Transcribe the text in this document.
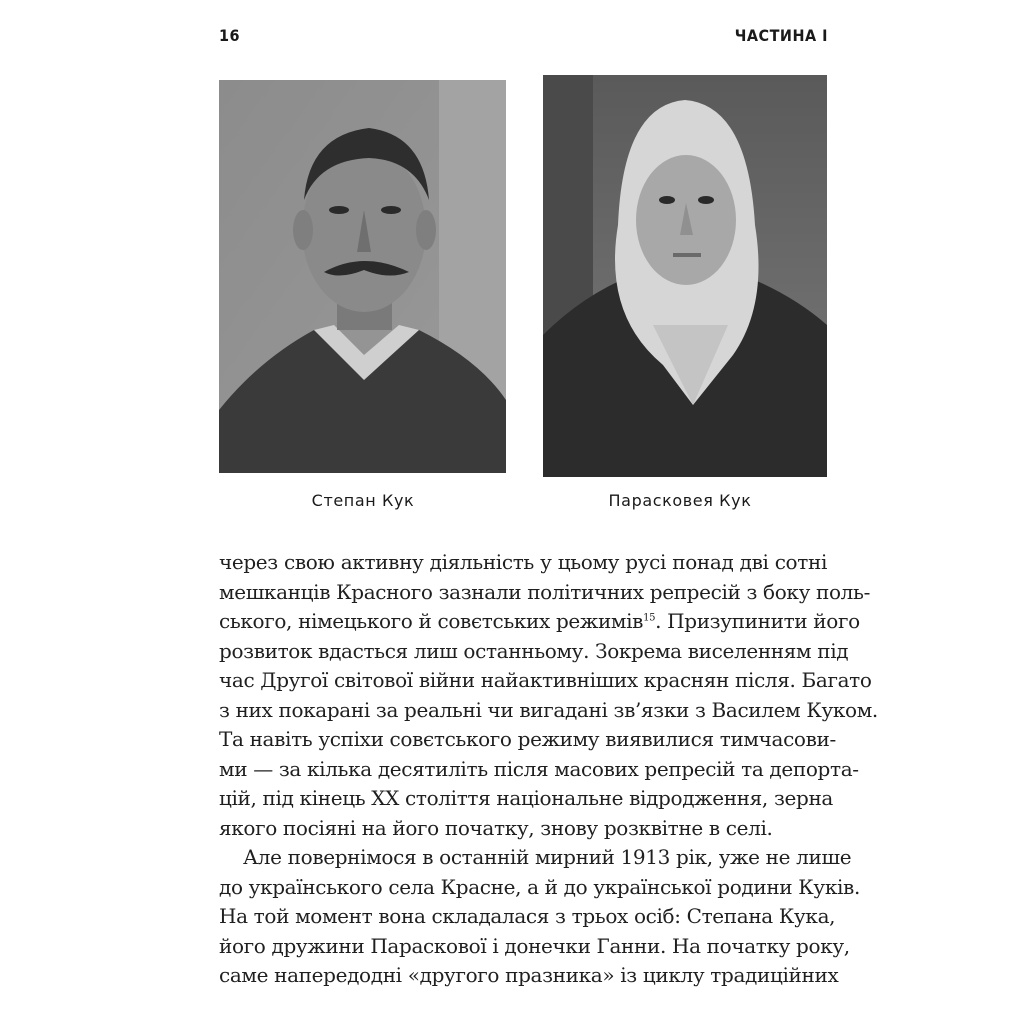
16	ЧАСТИНА І
Степан Кук	Парасковея Кук
через свою активну діяльність у цьому русі понад дві сотні
мешканців Красного зазнали політичних репресій з боку поль-
ського, німецького й совєтських режимів$^{15}$. Призупинити його
розвиток вдасться лиш останньому. Зокрема виселенням під
час Другої світової війни найактивніших краснян після. Багато
з них покарані за реальні чи вигадані зв’язки з Василем Куком.
Та навіть успіхи совєтського режиму виявилися тимчасови-
ми — за кілька десятиліть після масових репресій та депорта-
цій, під кінець XX століття національне відродження, зерна
якого посіяні на його початку, знову розквітне в селі.
Але повернімося в останній мирний 1913 рік, уже не лише
до українського села Красне, а й до української родини Куків.
На той момент вона складалася з трьох осіб: Степана Кука,
його дружини Параскової і донечки Ганни. На початку року,
саме напередодні «другого празника» із циклу традиційних
